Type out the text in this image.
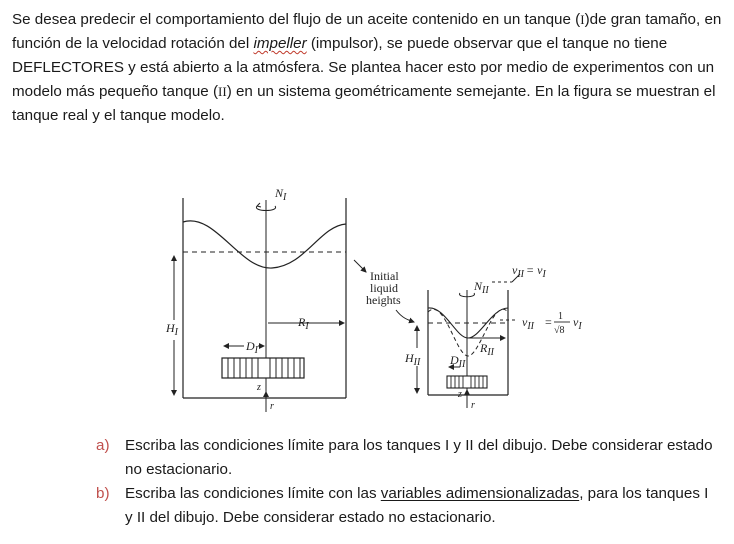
Se desea predecir el comportamiento del flujo de un aceite contenido en un tanque (I)de gran tamaño, en función de la velocidad rotación del impeller (impulsor), se puede observar que el tanque no tiene DEFLECTORES y está abierto a la atmósfera. Se plantea hacer esto por medio de experimentos con un modelo más pequeño tanque (II) en un sistema geométricamente semejante. En la figura se muestran el tanque real y el tanque modelo.

$N_I$
$R_I$
$D_I$
$H_I$
z
r
Initial
liquid
heights
$N_{II}$
$R_{II}$
$D_{II}$
$H_{II}$
z
r
$v_{II} = v_I$
$v_{II} = 1$
√8
$v_I$

a) Escriba las condiciones límite para los tanques I y II del dibujo. Debe considerar estado no estacionario.

b) Escriba las condiciones límite con las variables adimensionalizadas, para los tanques I y II del dibujo. Debe considerar estado no estacionario.
